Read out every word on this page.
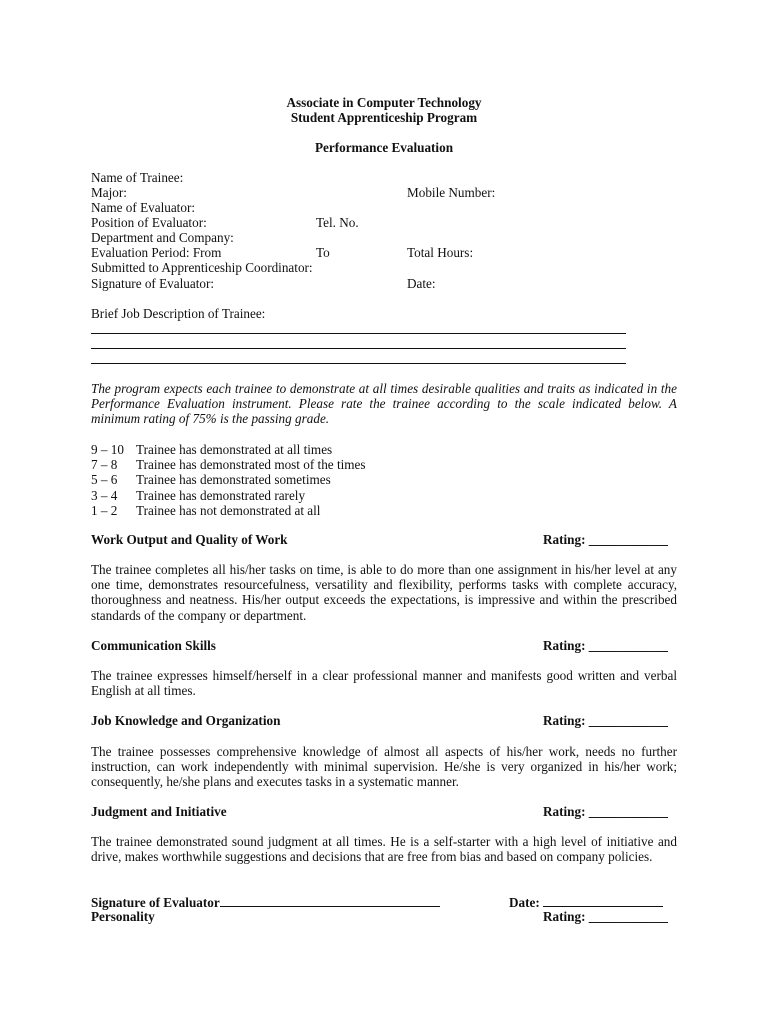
Associate in Computer Technology
Student Apprenticeship Program
Performance Evaluation
Name of Trainee:
Major:	Mobile Number:
Name of Evaluator:
Position of Evaluator:	Tel. No.
Department and Company:
Evaluation Period: From	To	Total Hours:
Submitted to Apprenticeship Coordinator:
Signature of Evaluator:	Date:
Brief Job Description of Trainee:
The program expects each trainee to demonstrate at all times desirable qualities and traits as indicated in the Performance Evaluation instrument. Please rate the trainee according to the scale indicated below. A minimum rating of 75% is the passing grade.
9 – 10 Trainee has demonstrated at all times
7 – 8 Trainee has demonstrated most of the times
5 – 6 Trainee has demonstrated sometimes
3 – 4 Trainee has demonstrated rarely
1 – 2 Trainee has not demonstrated at all
Work Output and Quality of Work	Rating: ____________
The trainee completes all his/her tasks on time, is able to do more than one assignment in his/her level at any one time, demonstrates resourcefulness, versatility and flexibility, performs tasks with complete accuracy, thoroughness and neatness. His/her output exceeds the expectations, is impressive and within the prescribed standards of the company or department.
Communication Skills	Rating: ____________
The trainee expresses himself/herself in a clear professional manner and manifests good written and verbal English at all times.
Job Knowledge and Organization	Rating: ____________
The trainee possesses comprehensive knowledge of almost all aspects of his/her work, needs no further instruction, can work independently with minimal supervision. He/she is very organized in his/her work; consequently, he/she plans and executes tasks in a systematic manner.
Judgment and Initiative	Rating: ____________
The trainee demonstrated sound judgment at all times. He is a self-starter with a high level of initiative and drive, makes worthwhile suggestions and decisions that are free from bias and based on company policies.
Signature of Evaluator	Date:
Personality	Rating: ____________
